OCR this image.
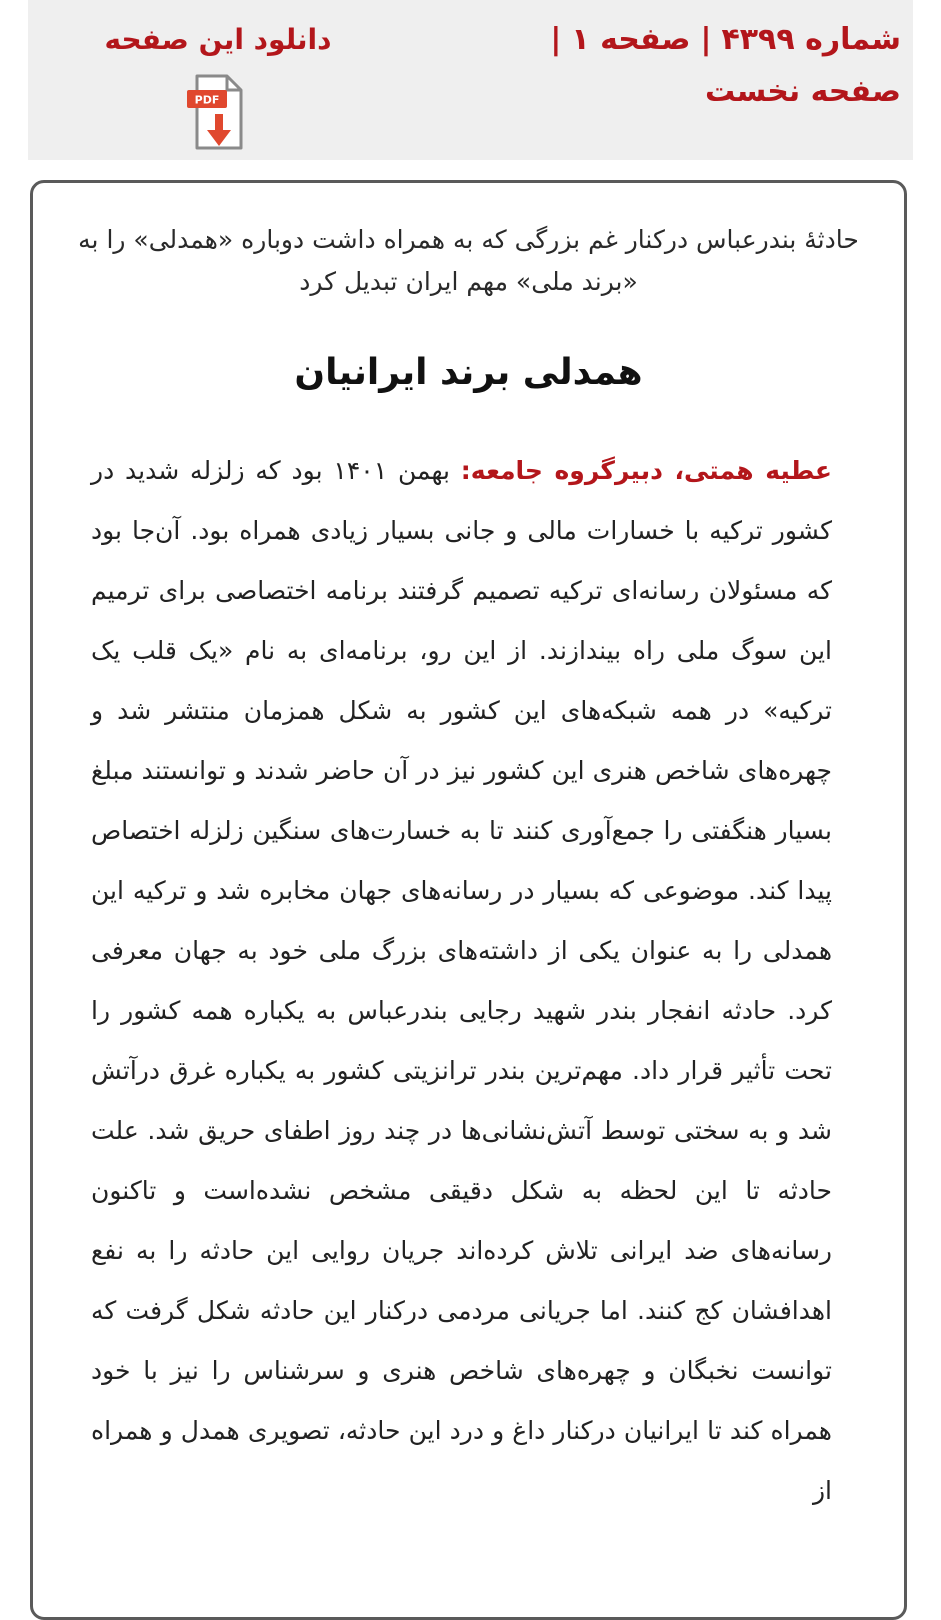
شماره ۴۳۹۹|صفحه ۱|صفحه نخست
دانلود این صفحه
PDF
حادثۀ بندرعباس درکنار غم بزرگی که به همراه داشت دوباره «همدلی» را به «برند ملی» مهم ایران تبدیل کرد
همدلی برند ایرانیان
عطیه همتی، دبیرگروه جامعه: بهمن ۱۴۰۱ بود که زلزله شدید در کشور ترکیه با خسارات مالی و جانی بسیار زیادی همراه بود. آن‌جا بود که مسئولان رسانه‌ای ترکیه تصمیم گرفتند برنامه اختصاصی برای ترمیم این سوگ ملی راه بیندازند. از این رو، برنامه‌ای به نام «یک قلب یک ترکیه» در همه شبکه‌های این کشور به شکل همزمان منتشر شد و چهره‌های شاخص هنری این کشور نیز در آن حاضر شدند و توانستند مبلغ بسیار هنگفتی را جمع‌آوری کنند تا به خسارت‌های سنگین زلزله اختصاص پیدا کند. موضوعی که بسیار در رسانه‌های جهان مخابره شد و ترکیه این همدلی را به عنوان یکی از داشته‌های بزرگ ملی خود به جهان معرفی کرد. حادثه انفجار بندر شهید رجایی بندرعباس به یکباره همه کشور را تحت تأثیر قرار داد. مهم‌ترین بندر ترانزیتی کشور به یکباره غرق درآتش شد و به سختی توسط آتش‌نشانی‌ها در چند روز اطفای حریق شد. علت حادثه تا این لحظه به شکل دقیقی مشخص نشده‌است و تاکنون رسانه‌های ضد ایرانی تلاش کرده‌اند جریان روایی این حادثه را به نفع اهدافشان کج کنند. اما جریانی مردمی درکنار این حادثه شکل گرفت که توانست نخبگان و چهره‌های شاخص هنری و سرشناس را نیز با خود همراه کند تا ایرانیان درکنار داغ و درد این حادثه، تصویری همدل و همراه از
